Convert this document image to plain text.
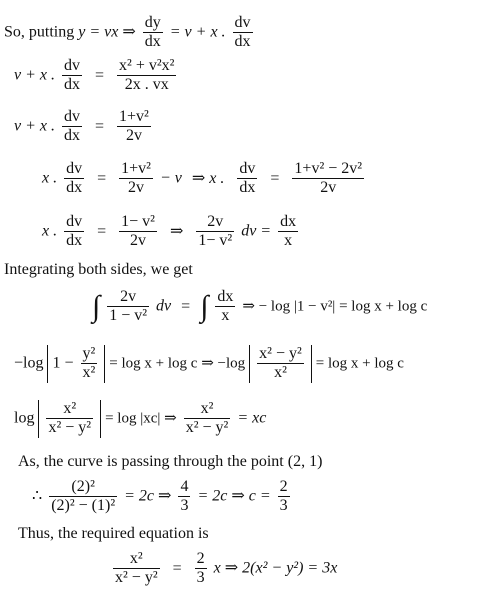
So, putting y = vx ⇒ $\frac{dy}{dx} = v + x$ . $\frac{dv}{dx}$
v + x . $\frac{dv}{dx} = \frac{\text{x² + v²x²}}{2x . vx}$
v + x . $\frac{dv}{dx} = \frac{\text{1+v²}}{2v}$
x . $\frac{dv}{dx} = \frac{\text{1+v²}}{2v} - v$ ⇒ x . $\frac{dv}{dx} = \frac{\text{1+v² − 2v²}}{2v}$
x . $\frac{dv}{dx} = \frac{\text{1− v²}}{2v}$ ⇒ $\frac{2v}{\text{1− v²}}$ dv = $\frac{dx}{x}$
Integrating both sides, we get
∫ $\frac{2v}{\text{1 − v²}}$ dv = ∫ $\frac{dx}{x}$ ⇒ − log |1 − v²| = log x + log c
−log $1 - \frac{\text{y²}}{\text{x²}} = \log x + \log c$ ⇒ $-\log \frac{\text{x² − y²}}{\text{x²}} = \log x + \log c$
$\log \frac{\text{x²}}{\text{x² − y²}} = \log |xc|$ ⇒ $\frac{\text{x²}}{\text{x² − y²}}$ = xc
As, the curve is passing through the point (2, 1)
∴ $\frac{\text{(2)²}}{\text{(2)² − (1)²}} = 2c$ ⇒ $\frac{4}{3} = 2c$ ⇒ $c = \frac{2}{3}$
Thus, the required equation is
$\frac{\text{x²}}{\text{x² − y²}} = \frac{2}{3}$ x ⇒ 2(x² − y²) = 3x
